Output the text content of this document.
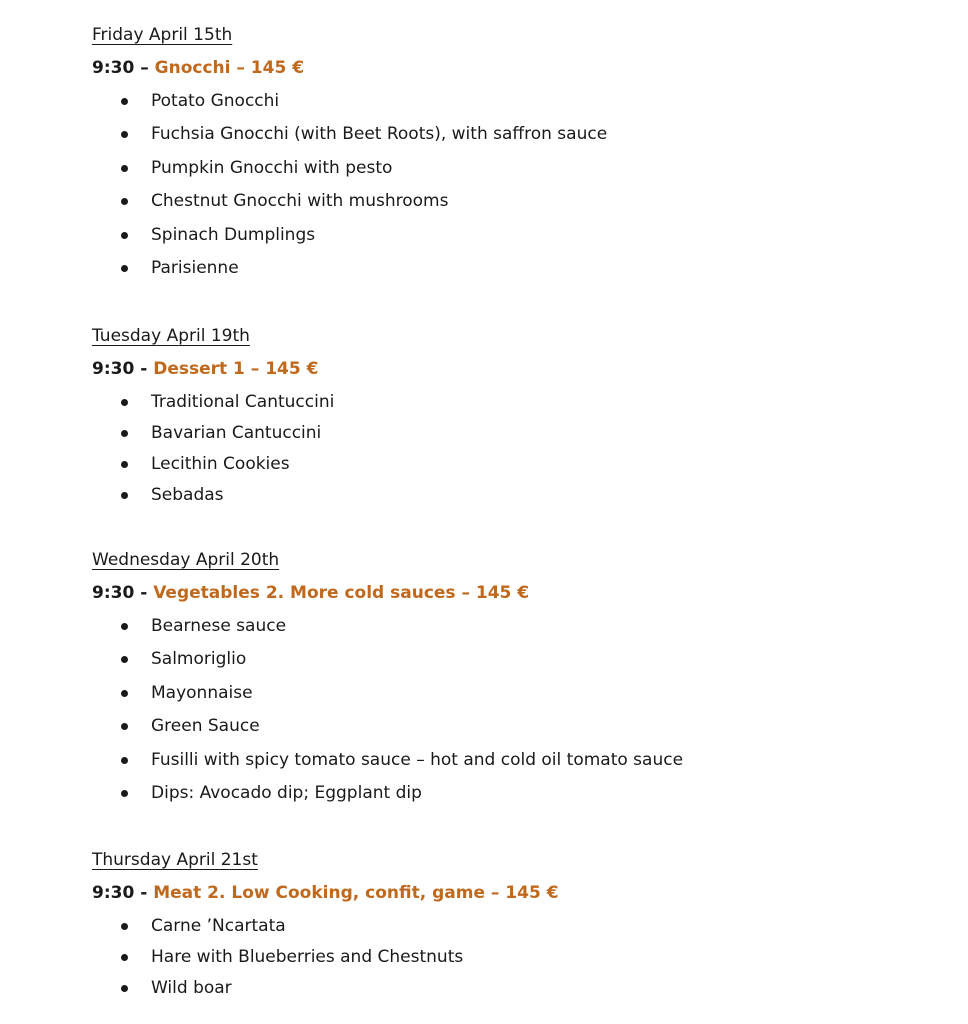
Friday April 15th

9:30 – Gnocchi – 145 €

Potato Gnocchi
Fuchsia Gnocchi (with Beet Roots), with saffron sauce
Pumpkin Gnocchi with pesto
Chestnut Gnocchi with mushrooms
Spinach Dumplings
Parisienne

Tuesday April 19th

9:30 - Dessert 1 – 145 €

Traditional Cantuccini
Bavarian Cantuccini
Lecithin Cookies
Sebadas

Wednesday April 20th

9:30 - Vegetables 2. More cold sauces – 145 €

Bearnese sauce
Salmoriglio
Mayonnaise
Green Sauce
Fusilli with spicy tomato sauce – hot and cold oil tomato sauce
Dips: Avocado dip; Eggplant dip

Thursday April 21st

9:30 - Meat 2. Low Cooking, confit, game – 145 €

Carne ’Ncartata
Hare with Blueberries and Chestnuts
Wild boar
